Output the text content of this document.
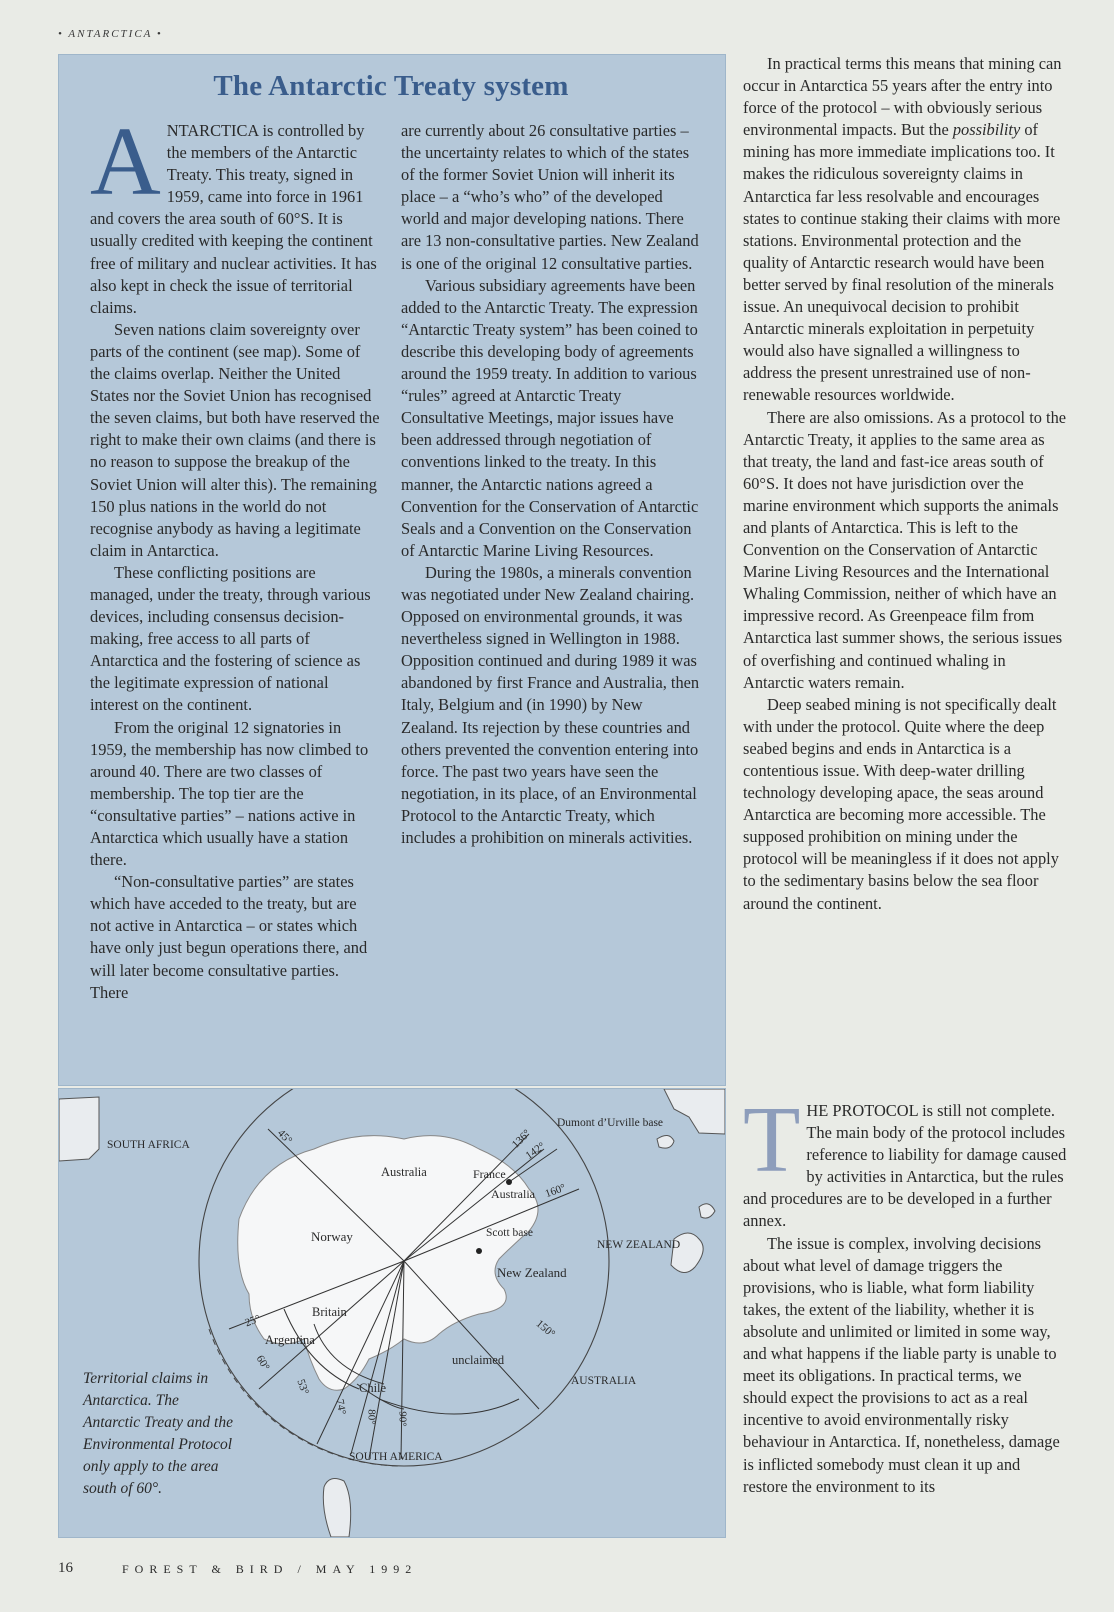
• ANTARCTICA •
The Antarctic Treaty system

ANTARCTICA is controlled by the members of the Antarctic Treaty. This treaty, signed in 1959, came into force in 1961 and covers the area south of 60°S. It is usually credited with keeping the continent free of military and nuclear activities. It has also kept in check the issue of territorial claims.

Seven nations claim sovereignty over parts of the continent (see map). Some of the claims overlap. Neither the United States nor the Soviet Union has recognised the seven claims, but both have reserved the right to make their own claims (and there is no reason to suppose the breakup of the Soviet Union will alter this). The remaining 150 plus nations in the world do not recognise anybody as having a legitimate claim in Antarctica.

These conflicting positions are managed, under the treaty, through various devices, including consensus decision-making, free access to all parts of Antarctica and the fostering of science as the legitimate expression of national interest on the continent.

From the original 12 signatories in 1959, the membership has now climbed to around 40. There are two classes of membership. The top tier are the “consultative parties” – nations active in Antarctica which usually have a station there.

“Non-consultative parties” are states which have acceded to the treaty, but are not active in Antarctica – or states which have only just begun operations there, and will later become consultative parties. There

are currently about 26 consultative parties – the uncertainty relates to which of the states of the former Soviet Union will inherit its place – a “who’s who” of the developed world and major developing nations. There are 13 non-consultative parties. New Zealand is one of the original 12 consultative parties.

Various subsidiary agreements have been added to the Antarctic Treaty. The expression “Antarctic Treaty system” has been coined to describe this developing body of agreements around the 1959 treaty. In addition to various “rules” agreed at Antarctic Treaty Consultative Meetings, major issues have been addressed through negotiation of conventions linked to the treaty. In this manner, the Antarctic nations agreed a Convention for the Conservation of Antarctic Seals and a Convention on the Conservation of Antarctic Marine Living Resources.

During the 1980s, a minerals convention was negotiated under New Zealand chairing. Opposed on environmental grounds, it was nevertheless signed in Wellington in 1988. Opposition continued and during 1989 it was abandoned by first France and Australia, then Italy, Belgium and (in 1990) by New Zealand. Its rejection by these countries and others prevented the convention entering into force. The past two years have seen the negotiation, in its place, of an Environmental Protocol to the Antarctic Treaty, which includes a prohibition on minerals activities.

In practical terms this means that mining can occur in Antarctica 55 years after the entry into force of the protocol – with obviously serious environmental impacts. But the possibility of mining has more immediate implications too. It makes the ridiculous sovereignty claims in Antarctica far less resolvable and encourages states to continue staking their claims with more stations. Environmental protection and the quality of Antarctic research would have been better served by final resolution of the minerals issue. An unequivocal decision to prohibit Antarctic minerals exploitation in perpetuity would also have signalled a willingness to address the present unrestrained use of non-renewable resources worldwide.

There are also omissions. As a protocol to the Antarctic Treaty, it applies to the same area as that treaty, the land and fast-ice areas south of 60°S. It does not have jurisdiction over the marine environment which supports the animals and plants of Antarctica. This is left to the Convention on the Conservation of Antarctic Marine Living Resources and the International Whaling Commission, neither of which have an impressive record. As Greenpeace film from Antarctica last summer shows, the serious issues of overfishing and continued whaling in Antarctic waters remain.

Deep seabed mining is not specifically dealt with under the protocol. Quite where the deep seabed begins and ends in Antarctica is a contentious issue. With deep-water drilling technology developing apace, the seas around Antarctica are becoming more accessible. The supposed prohibition on mining under the protocol will be meaningless if it does not apply to the sedimentary basins below the sea floor around the continent.

THE PROTOCOL is still not complete. The main body of the protocol includes reference to liability for damage caused by activities in Antarctica, but the rules and procedures are to be developed in a further annex.

The issue is complex, involving decisions about what level of damage triggers the provisions, who is liable, what form liability takes, the extent of the liability, whether it is absolute and unlimited or limited in some way, and what happens if the liable party is unable to meet its obligations. In practical terms, we should expect the provisions to act as a real incentive to avoid environmentally risky behaviour in Antarctica. If, nonetheless, damage is inflicted somebody must clean it up and restore the environment to its

SOUTH AFRICA
AUSTRALIA
NEW ZEALAND
SOUTH AMERICA
Dumont d’Urville base
Scott base
Norway
Australia	France
Australia
New Zealand
Britain
Argentina
Chile
unclaimed
45°	136°
142°
160°
150°
25°
60°
53°
74°
80° 90°
Territorial claims in Antarctica. The Antarctic Treaty and the Environmental Protocol only apply to the area south of 60°.
16	FOREST & BIRD / MAY 1992
